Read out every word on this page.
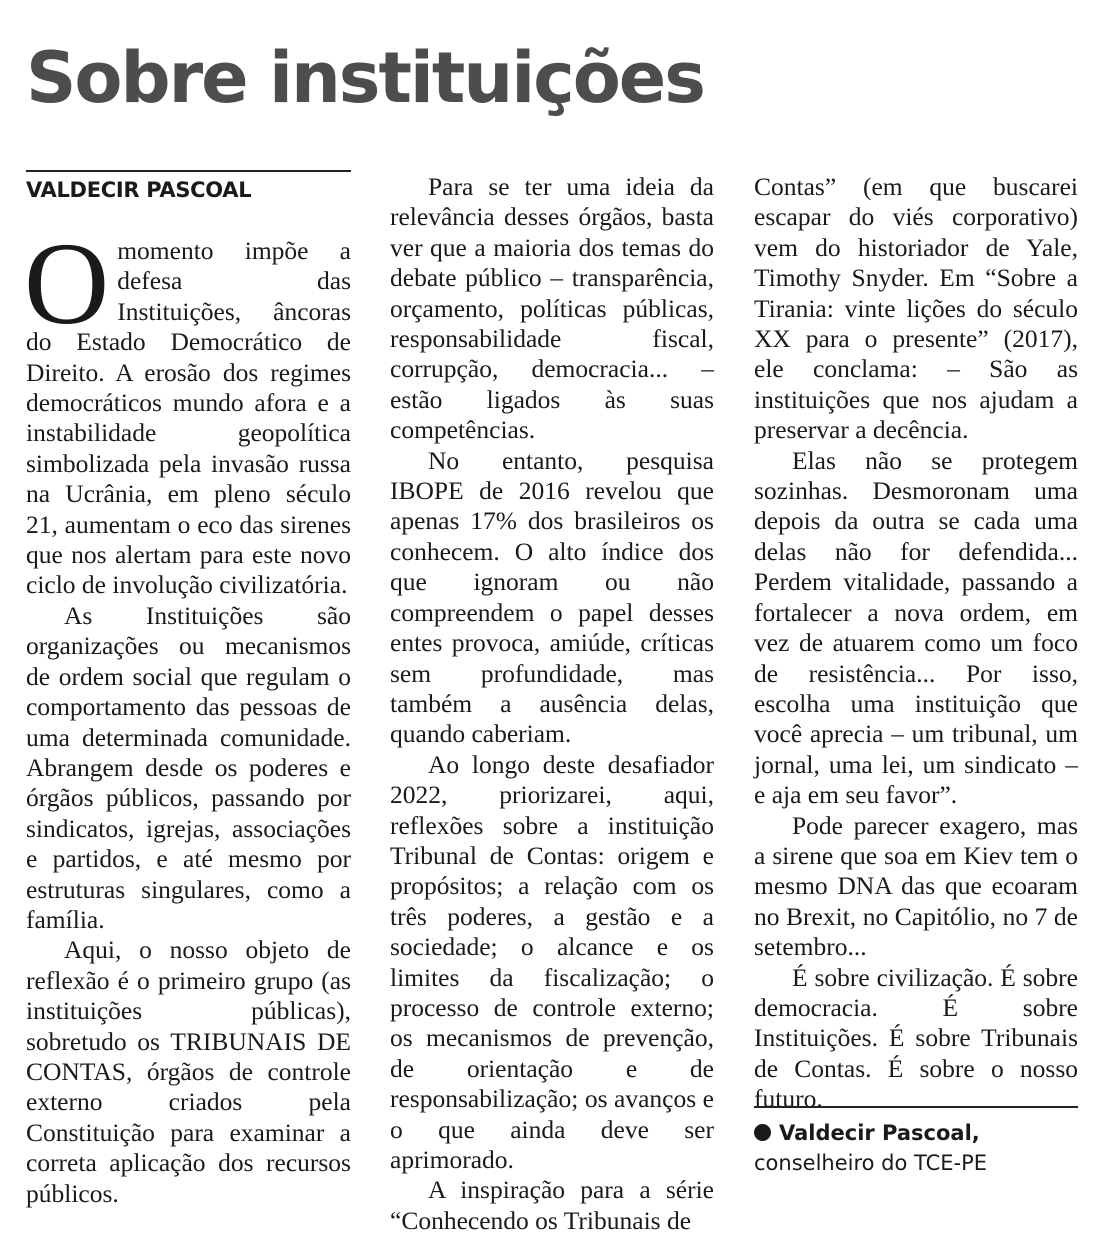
Sobre instituições
VALDECIR PASCOAL

Omomento impõe a defesa das Instituições, âncoras do Estado Democrático de Direito. A erosão dos regimes democráticos mundo afora e a instabilidade geopolítica simbolizada pela invasão russa na Ucrânia, em pleno século 21, aumentam o eco das sirenes que nos alertam para este novo ciclo de involução civilizatória.

As Instituições são organizações ou mecanismos de ordem social que regulam o comportamento das pessoas de uma determinada comunidade. Abrangem desde os poderes e órgãos públicos, passando por sindicatos, igrejas, associações e partidos, e até mesmo por estruturas singulares, como a família.

Aqui, o nosso objeto de reflexão é o primeiro grupo (as instituições públicas), sobretudo os TRIBUNAIS DE CONTAS, órgãos de controle externo criados pela Constituição para examinar a correta aplicação dos recursos públicos.

Para se ter uma ideia da relevância desses órgãos, basta ver que a maioria dos temas do debate público – transparência, orçamento, políticas públicas, responsabilidade fiscal, corrupção, democracia... – estão ligados às suas competências.

No entanto, pesquisa IBOPE de 2016 revelou que apenas 17% dos brasileiros os conhecem. O alto índice dos que ignoram ou não compreendem o papel desses entes provoca, amiúde, críticas sem profundidade, mas também a ausência delas, quando caberiam.

Ao longo deste desafiador 2022, priorizarei, aqui, reflexões sobre a instituição Tribunal de Contas: origem e propósitos; a relação com os três poderes, a gestão e a sociedade; o alcance e os limites da fiscalização; o processo de controle externo; os mecanismos de prevenção, de orientação e de responsabilização; os avanços e o que ainda deve ser aprimorado.

A inspiração para a série “Conhecendo os Tribunais de

Contas” (em que buscarei escapar do viés corporativo) vem do historiador de Yale, Timothy Snyder. Em “Sobre a Tirania: vinte lições do século XX para o presente” (2017), ele conclama: – São as instituições que nos ajudam a preservar a decência.

Elas não se protegem sozinhas. Desmoronam uma depois da outra se cada uma delas não for defendida... Perdem vitalidade, passando a fortalecer a nova ordem, em vez de atuarem como um foco de resistência... Por isso, escolha uma instituição que você aprecia – um tribunal, um jornal, uma lei, um sindicato – e aja em seu favor”.

Pode parecer exagero, mas a sirene que soa em Kiev tem o mesmo DNA das que ecoaram no Brexit, no Capitólio, no 7 de setembro...

É sobre civilização. É sobre democracia. É sobre Instituições. É sobre Tribunais de Contas. É sobre o nosso futuro.

Valdecir Pascoal,
conselheiro do TCE-PE
